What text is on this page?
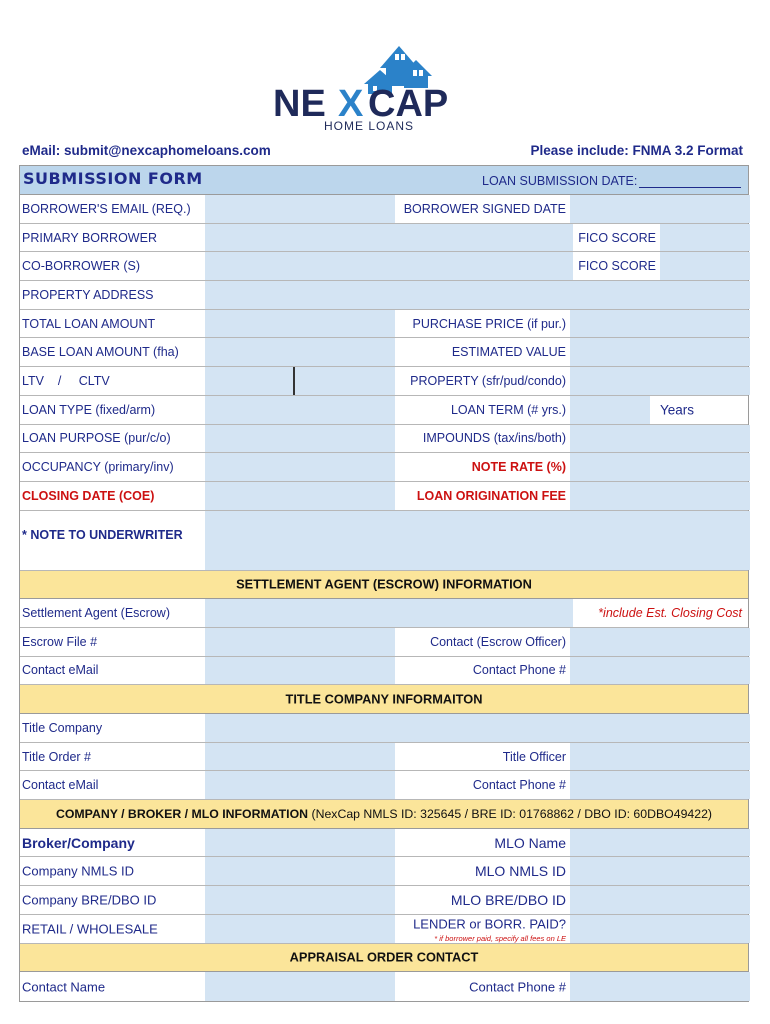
NE X CAP
HOME LOANS
eMail: submit@nexcaphomeloans.com	Please include: FNMA 3.2 Format
SUBMISSION FORM	LOAN SUBMISSION DATE:
BORROWER'S EMAIL (REQ.)	BORROWER SIGNED DATE
PRIMARY BORROWER	FICO SCORE
CO-BORROWER (S)	FICO SCORE
PROPERTY ADDRESS
TOTAL LOAN AMOUNT	PURCHASE PRICE (if pur.)
BASE LOAN AMOUNT (fha)	ESTIMATED VALUE
LTV    /     CLTV	PROPERTY (sfr/pud/condo)
LOAN TYPE (fixed/arm)	LOAN TERM (# yrs.)	Years
LOAN PURPOSE (pur/c/o)	IMPOUNDS (tax/ins/both)
OCCUPANCY (primary/inv)	NOTE RATE (%)
CLOSING DATE (COE)	LOAN ORIGINATION FEE
* NOTE TO UNDERWRITER
SETTLEMENT AGENT (ESCROW) INFORMATION
Settlement Agent (Escrow)	*include Est. Closing Cost
Escrow File #	Contact (Escrow Officer)
Contact eMail	Contact Phone #
TITLE COMPANY INFORMAITON
Title Company
Title Order #	Title Officer
Contact eMail	Contact Phone #
COMPANY / BROKER / MLO INFORMATION (NexCap NMLS ID: 325645 / BRE ID: 01768862 / DBO ID: 60DBO49422)
Broker/Company	MLO Name
Company NMLS ID	MLO NMLS ID
Company BRE/DBO ID	MLO BRE/DBO ID
RETAIL / WHOLESALE	LENDER or BORR. PAID?
* if borrower paid, specify all fees on LE
APPRAISAL ORDER CONTACT
Contact Name	Contact Phone #
